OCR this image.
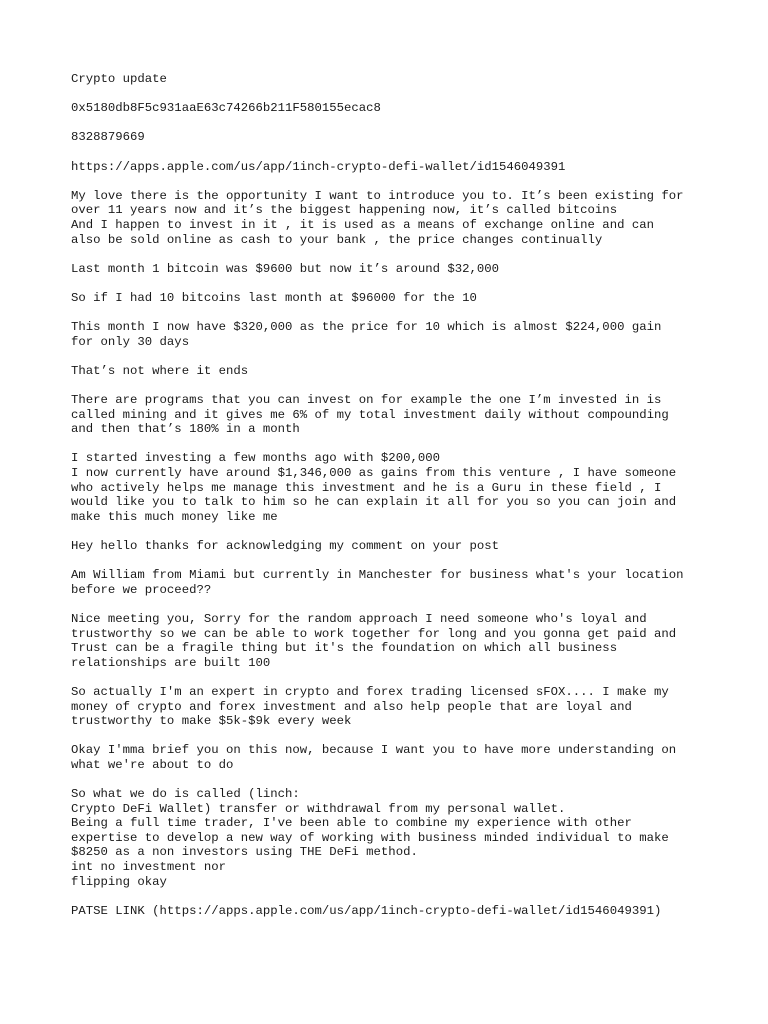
Crypto update

0x5180db8F5c931aaE63c74266b211F580155ecac8

8328879669

https://apps.apple.com/us/app/1inch-crypto-defi-wallet/id1546049391

My love there is the opportunity I want to introduce you to. It’s been existing for
over 11 years now and it’s the biggest happening now, it’s called bitcoins
And I happen to invest in it , it is used as a means of exchange online and can
also be sold online as cash to your bank , the price changes continually

Last month 1 bitcoin was $9600 but now it’s around $32,000

So if I had 10 bitcoins last month at $96000 for the 10

This month I now have $320,000 as the price for 10 which is almost $224,000 gain
for only 30 days

That’s not where it ends

There are programs that you can invest on for example the one I’m invested in is
called mining and it gives me 6% of my total investment daily without compounding
and then that’s 180% in a month

I started investing a few months ago with $200,000
I now currently have around $1,346,000 as gains from this venture , I have someone
who actively helps me manage this investment and he is a Guru in these field , I
would like you to talk to him so he can explain it all for you so you can join and
make this much money like me

Hey hello thanks for acknowledging my comment on your post

Am William from Miami but currently in Manchester for business what's your location
before we proceed??

Nice meeting you, Sorry for the random approach I need someone who's loyal and
trustworthy so we can be able to work together for long and you gonna get paid and
Trust can be a fragile thing but it's the foundation on which all business
relationships are built 100

So actually I'm an expert in crypto and forex trading licensed sFOX.... I make my
money of crypto and forex investment and also help people that are loyal and
trustworthy to make $5k-$9k every week

Okay I'mma brief you on this now, because I want you to have more understanding on
what we're about to do

So what we do is called (linch:
Crypto DeFi Wallet) transfer or withdrawal from my personal wallet.
Being a full time trader, I've been able to combine my experience with other
expertise to develop a new way of working with business minded individual to make
$8250 as a non investors using THE DeFi method.
int no investment nor
flipping okay

PATSE LINK (https://apps.apple.com/us/app/1inch-crypto-defi-wallet/id1546049391)
